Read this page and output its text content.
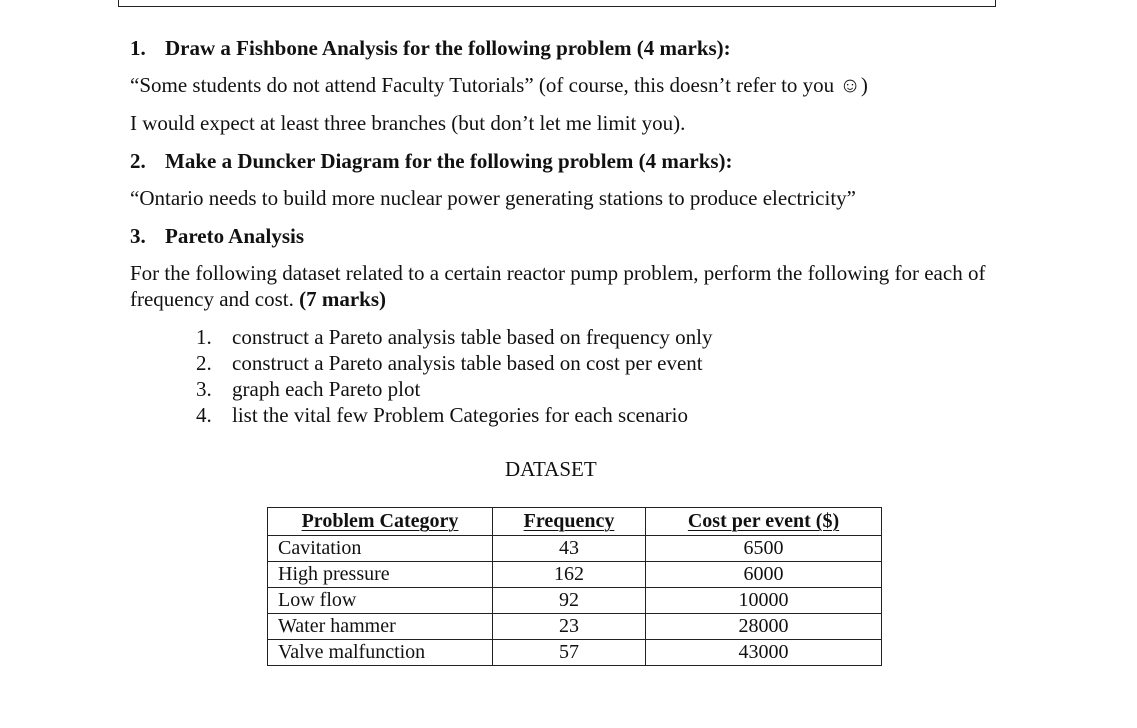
1. Draw a Fishbone Analysis for the following problem (4 marks):
“Some students do not attend Faculty Tutorials” (of course, this doesn’t refer to you ☺)
I would expect at least three branches (but don’t let me limit you).
2. Make a Duncker Diagram for the following problem (4 marks):
“Ontario needs to build more nuclear power generating stations to produce electricity”
3. Pareto Analysis
For the following dataset related to a certain reactor pump problem, perform the following for each of frequency and cost. (7 marks)
1. construct a Pareto analysis table based on frequency only
2. construct a Pareto analysis table based on cost per event
3. graph each Pareto plot
4. list the vital few Problem Categories for each scenario
DATASET
Problem Category	Frequency	Cost per event ($)
Cavitation	43	6500
High pressure	162	6000
Low flow	92	10000
Water hammer	23	28000
Valve malfunction	57	43000
